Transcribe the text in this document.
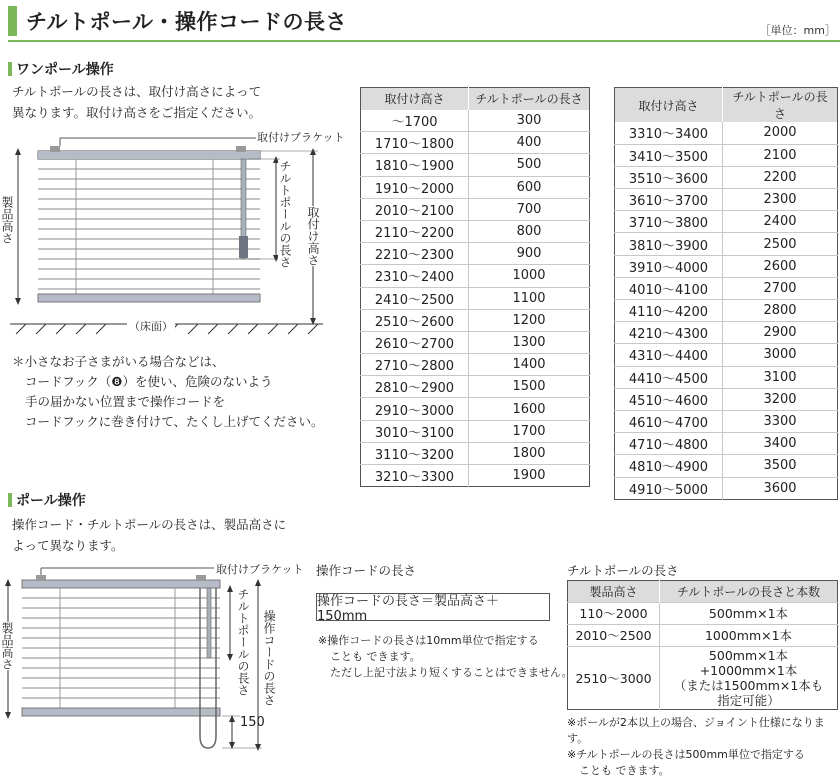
チルトポール・操作コードの長さ	［単位：mm］
ワンポール操作
チルトポールの長さは、取付け高さによって
異なります。取付け高さをご指定ください。
取付けブラケット
製品高さ	チルトポールの長さ 取付け高さ
（床面）
＊小さなお子さまがいる場合などは、
コードフック（❽）を使い、危険のないよう
手の届かない位置まで操作コードを
コードフックに巻き付けて、たくし上げてください。
取付け高さ	チルトポールの長さ
～1700	300
1710～1800	400
1810～1900	500
1910～2000	600
2010～2100	700
2110～2200	800
2210～2300	900
2310～2400	1000
2410～2500	1100
2510～2600	1200
2610～2700	1300
2710～2800	1400
2810～2900	1500
2910～3000	1600
3010～3100	1700
3110～3200	1800
3210～3300	1900
取付け高さ	チルトポールの長さ
3310～3400	2000
3410～3500	2100
3510～3600	2200
3610～3700	2300
3710～3800	2400
3810～3900	2500
3910～4000	2600
4010～4100	2700
4110～4200	2800
4210～4300	2900
4310～4400	3000
4410～4500	3100
4510～4600	3200
4610～4700	3300
4710～4800	3400
4810～4900	3500
4910～5000	3600
ポール操作
操作コード・チルトポールの長さは、製品高さに
よって異なります。
取付けブラケット
製品高さ	チルトポールの長さ 操作コードの長さ
150
操作コードの長さ
操作コードの長さ＝製品高さ＋150mm
※操作コードの長さは10mm単位で指定する
ことも できます。
ただし上記寸法より短くすることはできません。
チルトポールの長さ
製品高さ	チルトポールの長さと本数
110～2000	500mm×1本
2010～2500	1000mm×1本
2510～3000	500mm×1本
+1000mm×1本
（または1500mm×1本も
指定可能）
※ポールが2本以上の場合、ジョイント仕様になります。
※チルトポールの長さは500mm単位で指定する
ことも できます。
